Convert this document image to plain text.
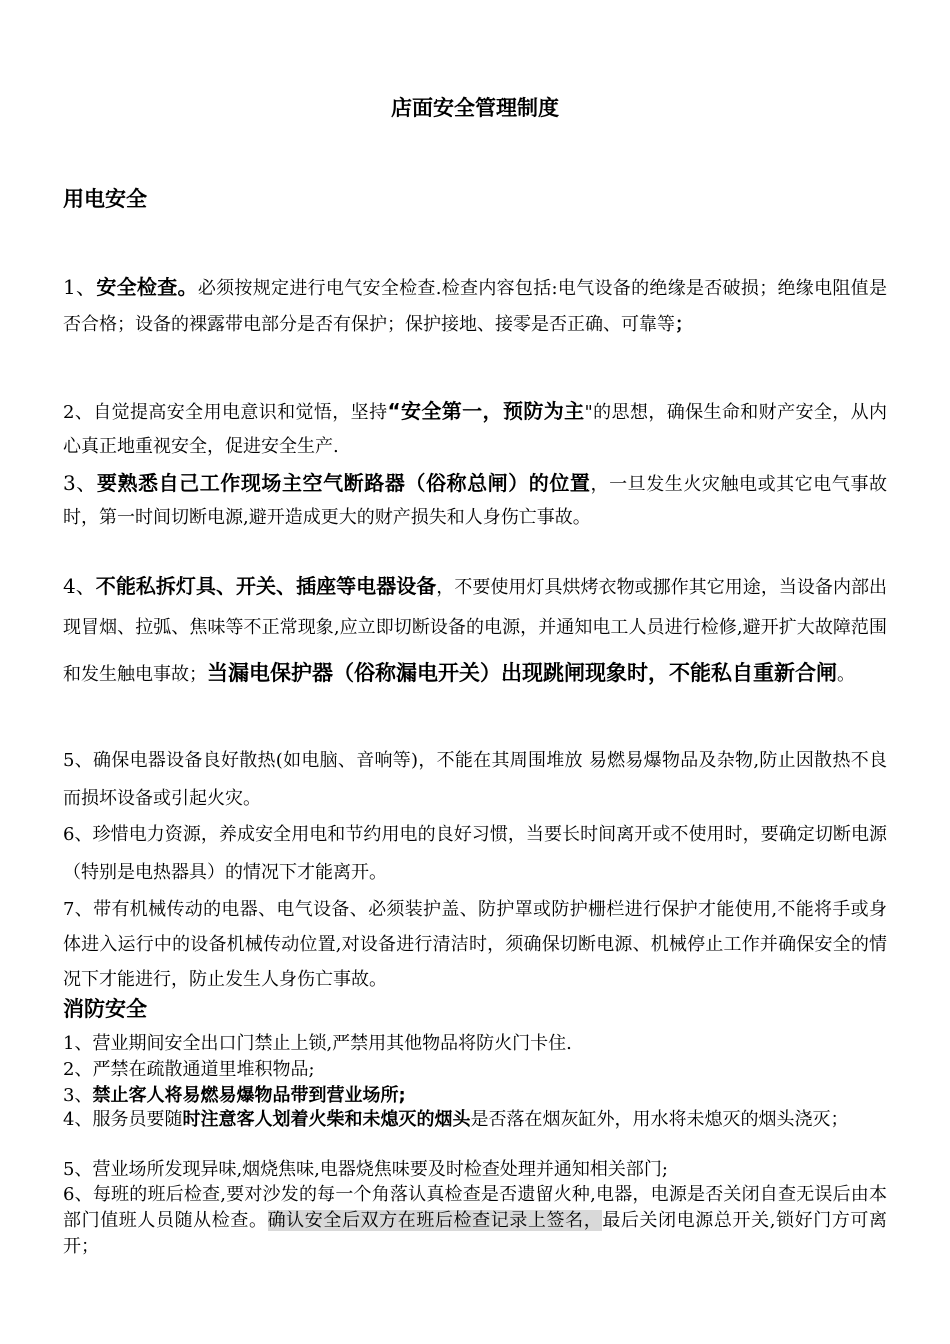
店面安全管理制度
用电安全
1、安全检查。必须按规定进行电气安全检查.检查内容包括:电气设备的绝缘是否破损；绝缘电阻值是否合格；设备的裸露带电部分是否有保护；保护接地、接零是否正确、可靠等；
2、自觉提高安全用电意识和觉悟，坚持“安全第一，预防为主"的思想，确保生命和财产安全，从内心真正地重视安全，促进安全生产.
3、要熟悉自己工作现场主空气断路器（俗称总闸）的位置，一旦发生火灾触电或其它电气事故时，第一时间切断电源,避开造成更大的财产损失和人身伤亡事故。
4、不能私拆灯具、开关、插座等电器设备，不要使用灯具烘烤衣物或挪作其它用途，当设备内部出现冒烟、拉弧、焦味等不正常现象,应立即切断设备的电源，并通知电工人员进行检修,避开扩大故障范围和发生触电事故；当漏电保护器（俗称漏电开关）出现跳闸现象时，不能私自重新合闸。
5、确保电器设备良好散热(如电脑、音响等)，不能在其周围堆放 易燃易爆物品及杂物,防止因散热不良而损坏设备或引起火灾。
6、珍惜电力资源，养成安全用电和节约用电的良好习惯，当要长时间离开或不使用时，要确定切断电源（特别是电热器具）的情况下才能离开。
7、带有机械传动的电器、电气设备、必须装护盖、防护罩或防护栅栏进行保护才能使用,不能将手或身体进入运行中的设备机械传动位置,对设备进行清洁时，须确保切断电源、机械停止工作并确保安全的情况下才能进行，防止发生人身伤亡事故。
消防安全
1、营业期间安全出口门禁止上锁,严禁用其他物品将防火门卡住.
2、严禁在疏散通道里堆积物品;
3、禁止客人将易燃易爆物品带到营业场所;
4、服务员要随时注意客人划着火柴和未熄灭的烟头是否落在烟灰缸外，用水将未熄灭的烟头浇灭；
5、营业场所发现异味,烟烧焦味,电器烧焦味要及时检查处理并通知相关部门;
6、每班的班后检查,要对沙发的每一个角落认真检查是否遗留火种,电器，电源是否关闭自查无误后由本部门值班人员随从检查。确认安全后双方在班后检查记录上签名，最后关闭电源总开关,锁好门方可离开；
